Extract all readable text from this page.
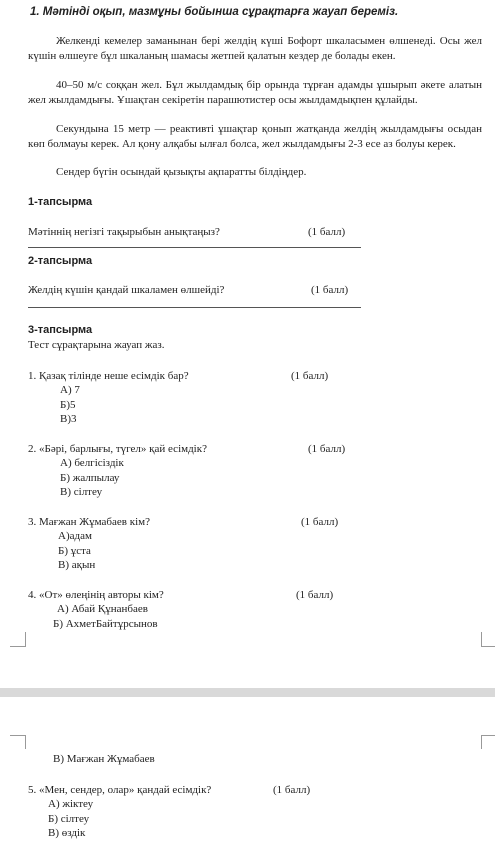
1. Мәтінді оқып, мазмұны бойынша сұрақтарға жауап береміз.
Желкенді кемелер заманынан бері желдің күші Бофорт шкаласымен өлшенеді. Осы жел күшін өлшеуге бұл шкаланың шамасы жетпей қалатын кездер де болады екен.
40–50 м/с соққан жел. Бұл жылдамдық бір орында тұрған адамды ұшырып әкете алатын жел жылдамдығы. Ұшақтан секіретін парашютистер осы жылдамдықпен құлайды.
Секундына 15 метр — реактивті ұшақтар қонып жатқанда желдің жылдамдығы осыдан көп болмауы керек. Ал қону алқабы ылғал болса, жел жылдамдығы 2-3 есе аз болуы керек.
Сендер бүгін осындай қызықты ақпаратты білдіңдер.
1-тапсырма
Мәтіннің негізгі тақырыбын анықтаңыз?	(1 балл)
2-тапсырма
Желдің күшін қандай шкаламен өлшейді?	(1 балл)
3-тапсырма
Тест сұрақтарына жауап жаз.
1. Қазақ тілінде неше есімдік бар?	(1 балл)
А) 7
Б)5
В)3
2. «Бәрі, барлығы, түгел» қай есімдік?	(1 балл)
А) белгісіздік
Б) жалпылау
В) сілтеу
3. Мағжан Жұмабаев кім?	(1 балл)
А)адам
Б) ұста
В) ақын
4. «От» өлеңінің авторы кім?	(1 балл)
А) Абай Құнанбаев
Б) АхметБайтұрсынов
В) Мағжан Жұмабаев
5. «Мен, сендер, олар» қандай есімдік?	(1 балл)
А) жіктеу
Б) сілтеу
В) өздік
